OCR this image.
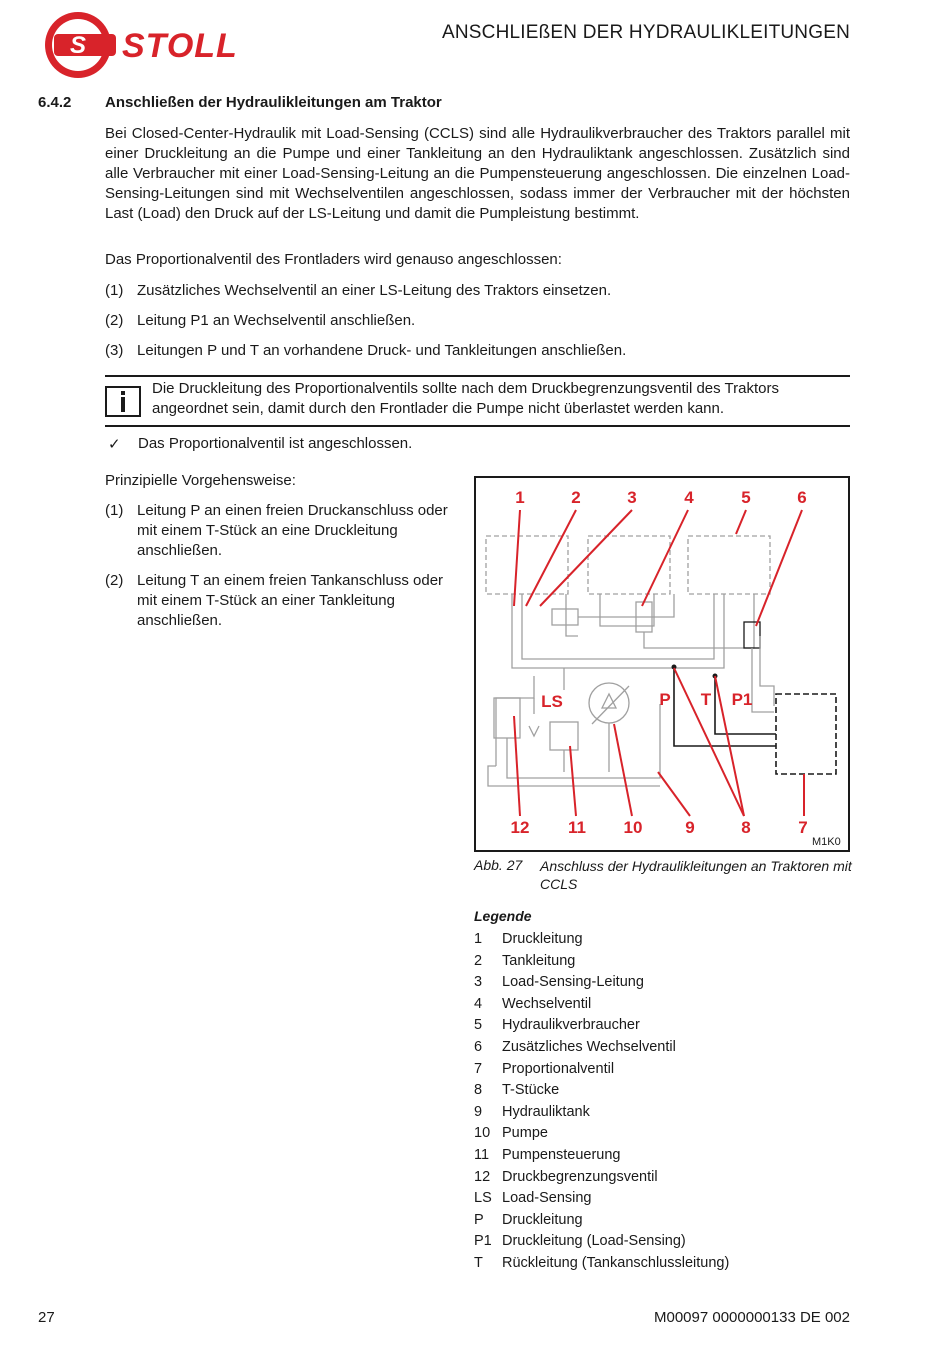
S STOLL	ANSCHLIEßEN DER HYDRAULIKLEITUNGEN
6.4.2 Anschließen der Hydraulikleitungen am Traktor
Bei Closed-Center-Hydraulik mit Load-Sensing (CCLS) sind alle Hydraulikverbraucher des Traktors parallel mit einer Druckleitung an die Pumpe und einer Tankleitung an den Hydrauliktank angeschlossen. Zusätzlich sind alle Verbraucher mit einer Load-Sensing-Leitung an die Pumpensteuerung angeschlossen. Die einzelnen Load-Sensing-Leitungen sind mit Wechselventilen angeschlossen, sodass immer der Verbraucher mit der höchsten Last (Load) den Druck auf der LS-Leitung und damit die Pumpleistung bestimmt.
Das Proportionalventil des Frontladers wird genauso angeschlossen:
(1) Zusätzliches Wechselventil an einer LS-Leitung des Traktors einsetzen.
(2) Leitung P1 an Wechselventil anschließen.
(3) Leitungen P und T an vorhandene Druck- und Tankleitungen anschließen.
Die Druckleitung des Proportionalventils sollte nach dem Druckbegrenzungsventil des Traktors angeordnet sein, damit durch den Frontlader die Pumpe nicht überlastet werden kann.
✓ Das Proportionalventil ist angeschlossen.
Prinzipielle Vorgehensweise:
(1) Leitung P an einen freien Druckanschluss oder mit einem T-Stück an eine Druckleitung anschließen.
(2) Leitung T an einem freien Tankanschluss oder mit einem T-Stück an einer Tankleitung anschließen.
1	2	3	4	5	6
12 11 10	9	8	7
LS	P T P1
M1K0
Abb. 27 Anschluss der Hydraulikleitungen an Traktoren mit CCLS
Legende
1 Druckleitung
2 Tankleitung
3 Load-Sensing-Leitung
4 Wechselventil
5 Hydraulikverbraucher
6 Zusätzliches Wechselventil
7 Proportionalventil
8 T-Stücke
9 Hydrauliktank
10 Pumpe
11 Pumpensteuerung
12 Druckbegrenzungsventil
LS Load-Sensing
P Druckleitung
P1 Druckleitung (Load-Sensing)
T Rückleitung (Tankanschlussleitung)
27	M00097 0000000133 DE 002
